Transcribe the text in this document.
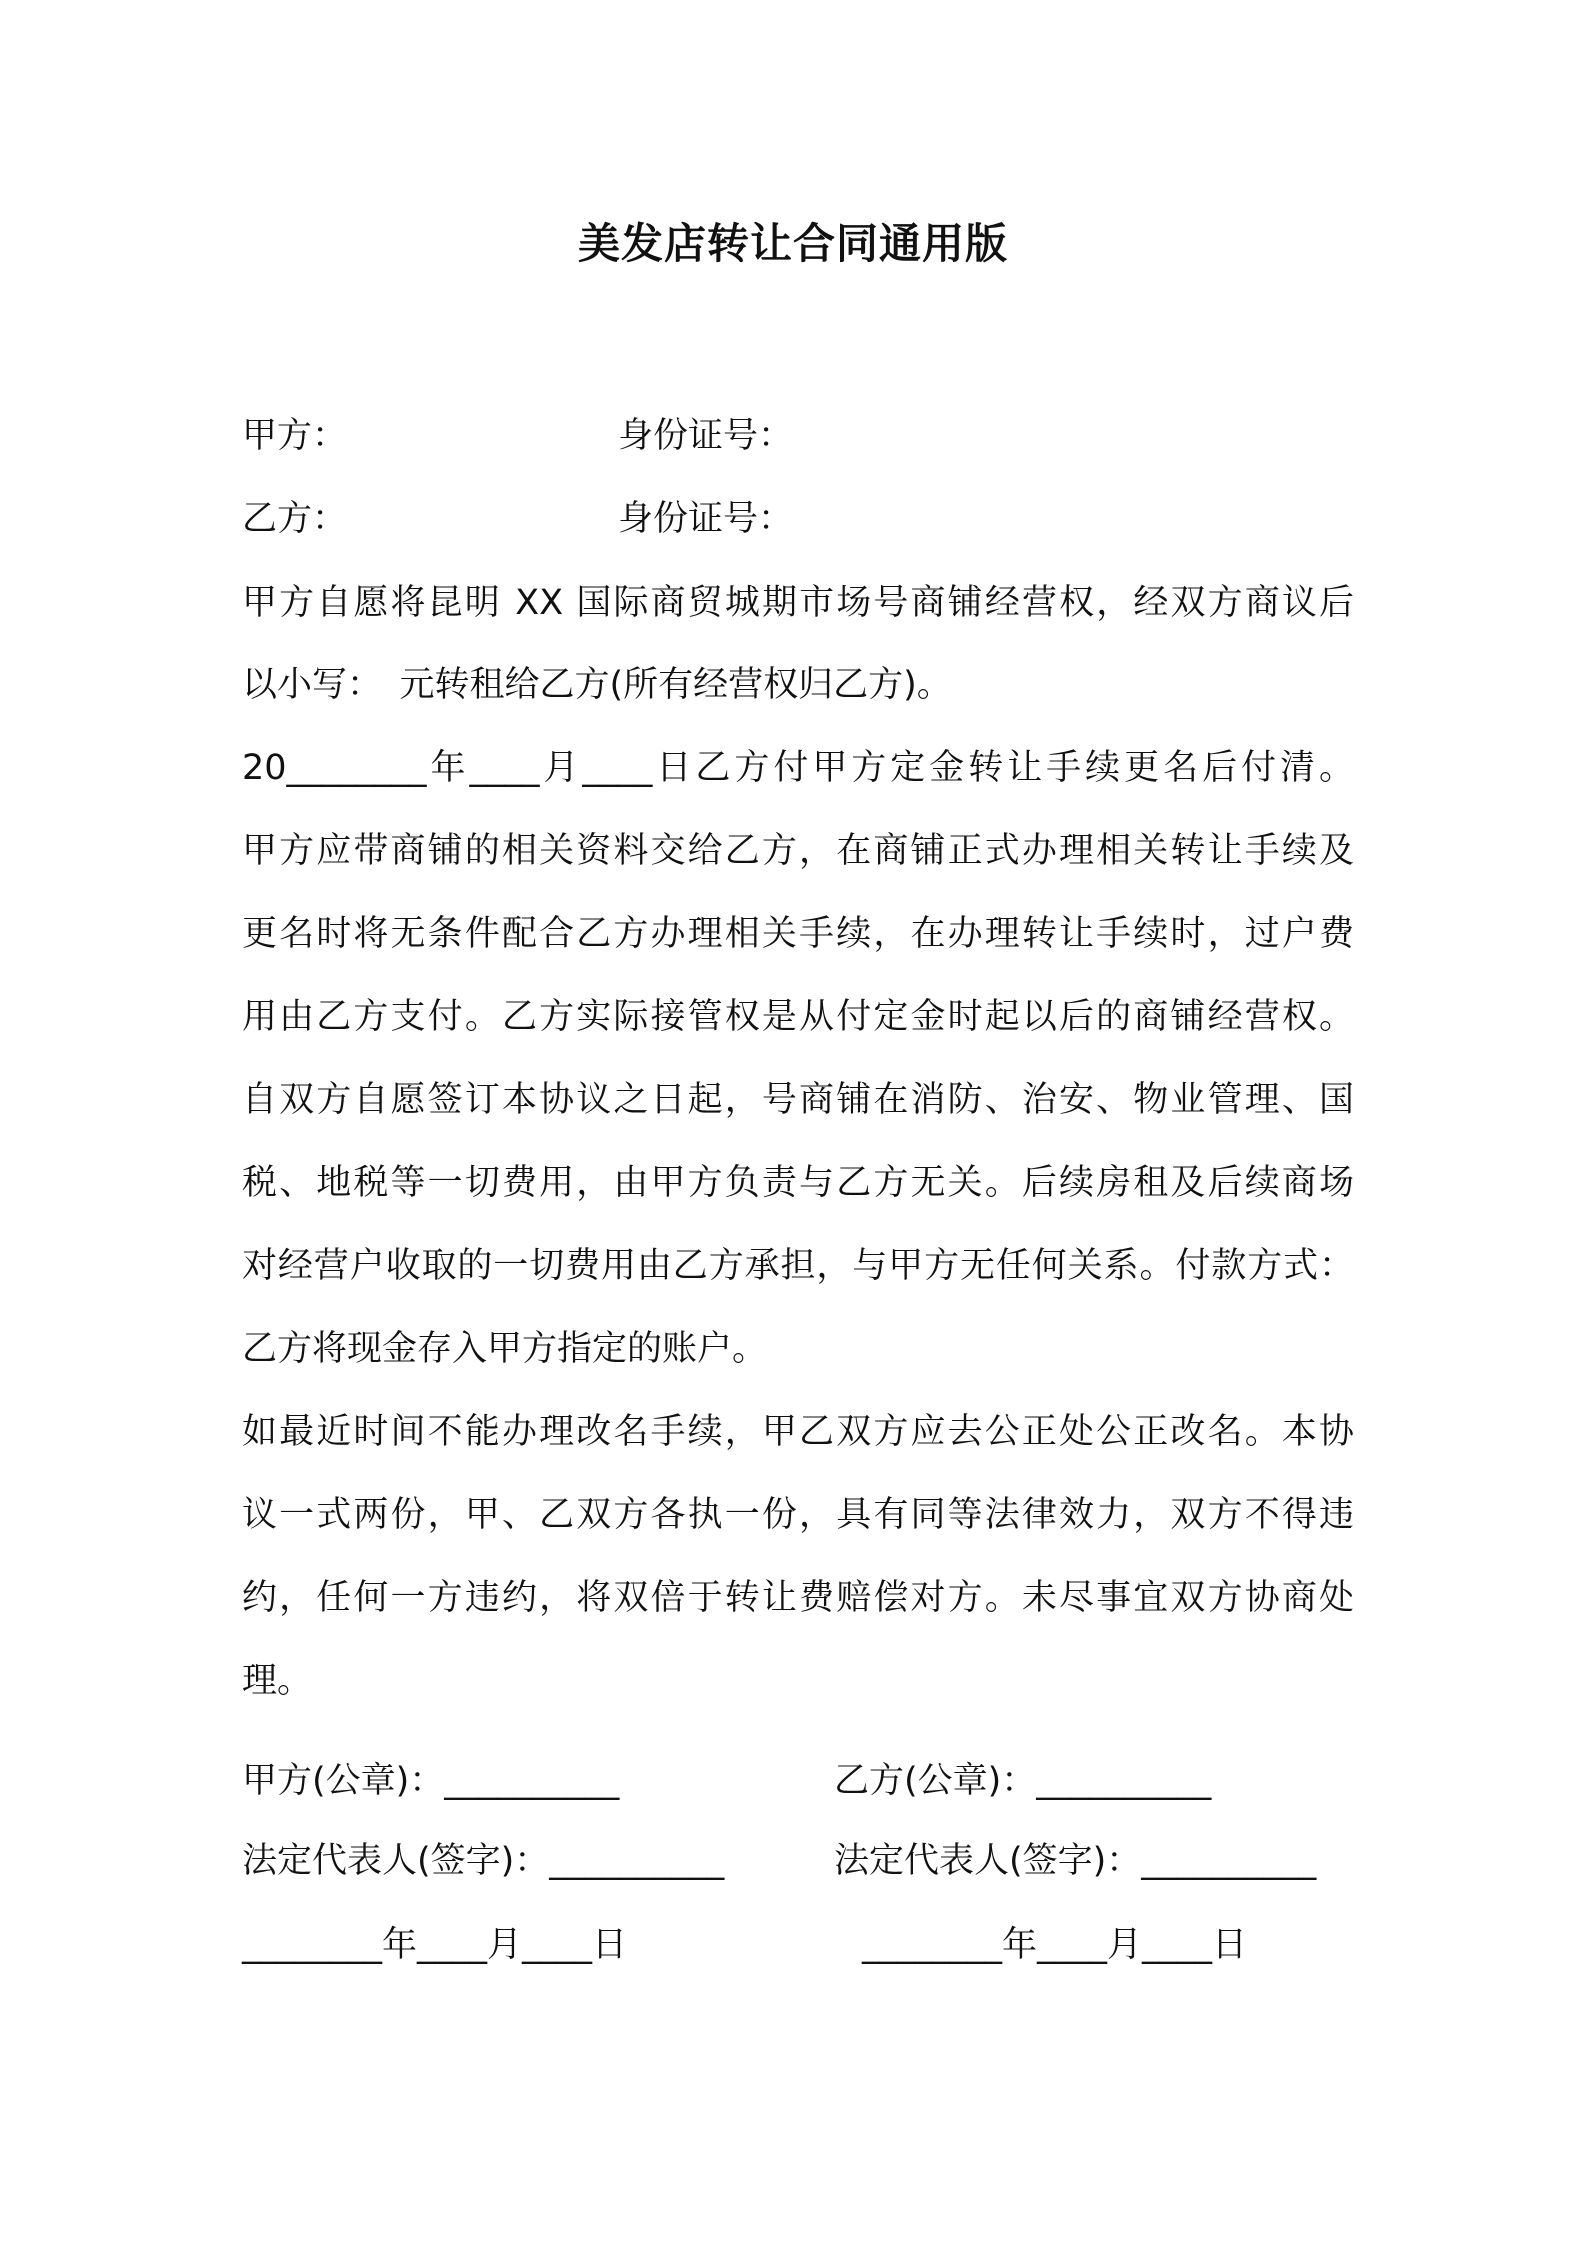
美发店转让合同通用版
甲方：	身份证号：
乙方：	身份证号：
甲方自愿将昆明 XX 国际商贸城期市场号商铺经营权，经双方商议后
以小写：　元转租给乙方(所有经营权归乙方)。
20________年____月____日乙方付甲方定金转让手续更名后付清。
甲方应带商铺的相关资料交给乙方，在商铺正式办理相关转让手续及
更名时将无条件配合乙方办理相关手续，在办理转让手续时，过户费
用由乙方支付。乙方实际接管权是从付定金时起以后的商铺经营权。
自双方自愿签订本协议之日起，号商铺在消防、治安、物业管理、国
税、地税等一切费用，由甲方负责与乙方无关。后续房租及后续商场
对经营户收取的一切费用由乙方承担，与甲方无任何关系。付款方式：
乙方将现金存入甲方指定的账户。
如最近时间不能办理改名手续，甲乙双方应去公正处公正改名。本协
议一式两份，甲、乙双方各执一份，具有同等法律效力，双方不得违
约，任何一方违约，将双倍于转让费赔偿对方。未尽事宜双方协商处
理。
甲方(公章)：__________	乙方(公章)：__________
法定代表人(签字)：__________	法定代表人(签字)：__________
________年____月____日	________年____月____日
